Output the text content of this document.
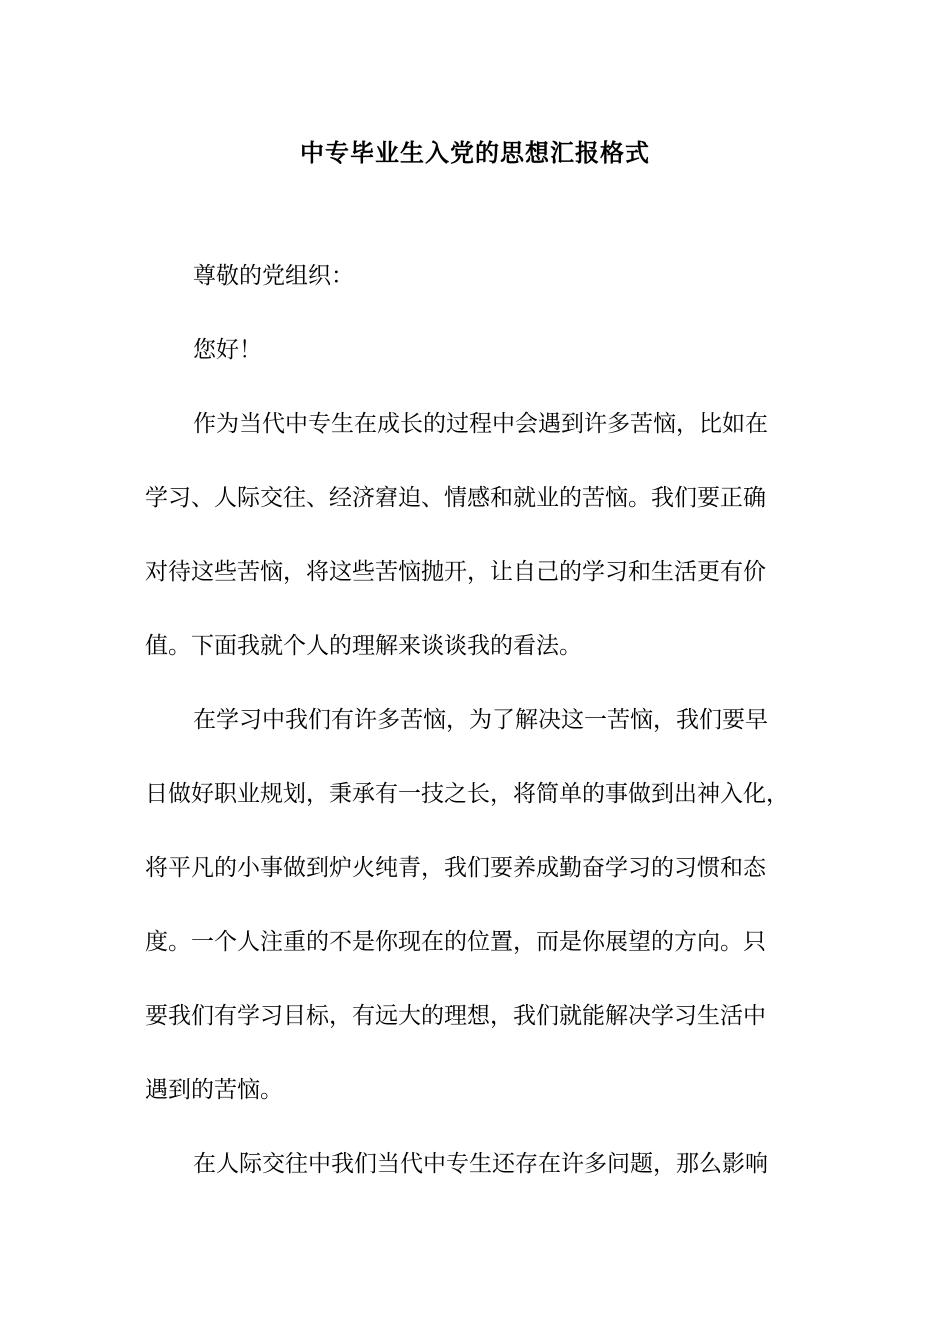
中专毕业生入党的思想汇报格式
尊敬的党组织：
您好！
作为当代中专生在成长的过程中会遇到许多苦恼，比如在
学习、人际交往、经济窘迫、情感和就业的苦恼。我们要正确
对待这些苦恼，将这些苦恼抛开，让自己的学习和生活更有价
值。下面我就个人的理解来谈谈我的看法。
在学习中我们有许多苦恼，为了解决这一苦恼，我们要早
日做好职业规划，秉承有一技之长，将简单的事做到出神入化，
将平凡的小事做到炉火纯青，我们要养成勤奋学习的习惯和态
度。一个人注重的不是你现在的位置，而是你展望的方向。只
要我们有学习目标，有远大的理想，我们就能解决学习生活中
遇到的苦恼。
在人际交往中我们当代中专生还存在许多问题，那么影响
